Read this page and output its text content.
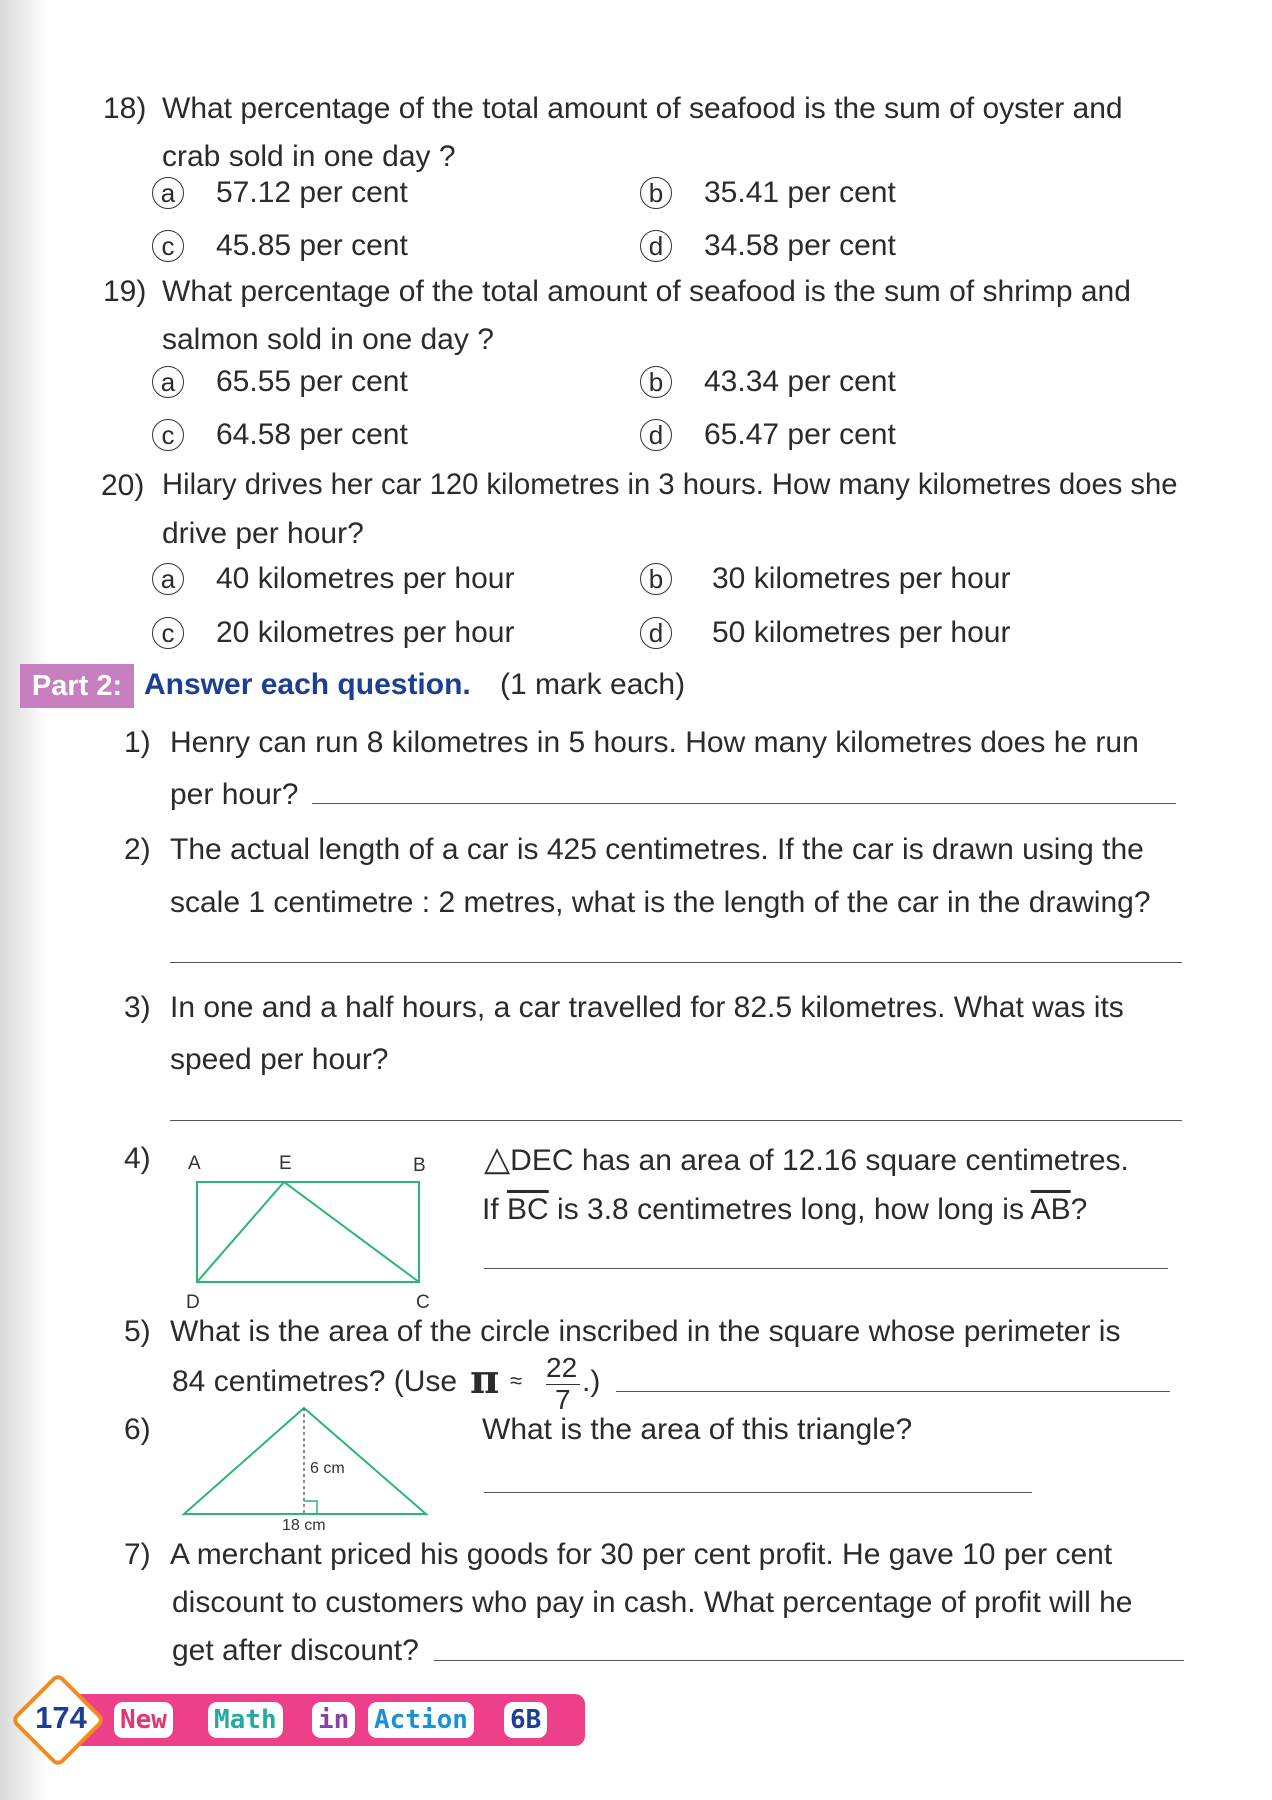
18) What percentage of the total amount of seafood is the sum of oyster and
crab sold in one day ?
a 57.12 per cent	b 35.41 per cent
c	45.85 per cent	d 34.58 per cent
19) What percentage of the total amount of seafood is the sum of shrimp and
salmon sold in one day ?
a 65.55 per cent	b 43.34 per cent
c	64.58 per cent	d 65.47 per cent
20) Hilary drives her car 120 kilometres in 3 hours. How many kilometres does she
drive per hour?
a 40 kilometres per hour	b 30 kilometres per hour
c	20 kilometres per hour	d 50 kilometres per hour
Part 2: Answer each question. (1 mark each)
1) Henry can run 8 kilometres in 5 hours. How many kilometres does he run
per hour?
2) The actual length of a car is 425 centimetres. If the car is drawn using the
scale 1 centimetre : 2 metres, what is the length of the car in the drawing?
3) In one and a half hours, a car travelled for 82.5 kilometres. What was its
speed per hour?
4) A	E	B
D	C
△DEC has an area of 12.16 square centimetres.
If $\overline{BC}$ is 3.8 centimetres long, how long is $\overline{AB}$?
5) What is the area of the circle inscribed in the square whose perimeter is
84 centimetres? (Use π ≈ 22
7
.)
6)
6 cm
18 cm
What is the area of this triangle?
7) A merchant priced his goods for 30 per cent profit. He gave 10 per cent
discount to customers who pay in cash. What percentage of profit will he
get after discount?
174	New Math in Action 6B
